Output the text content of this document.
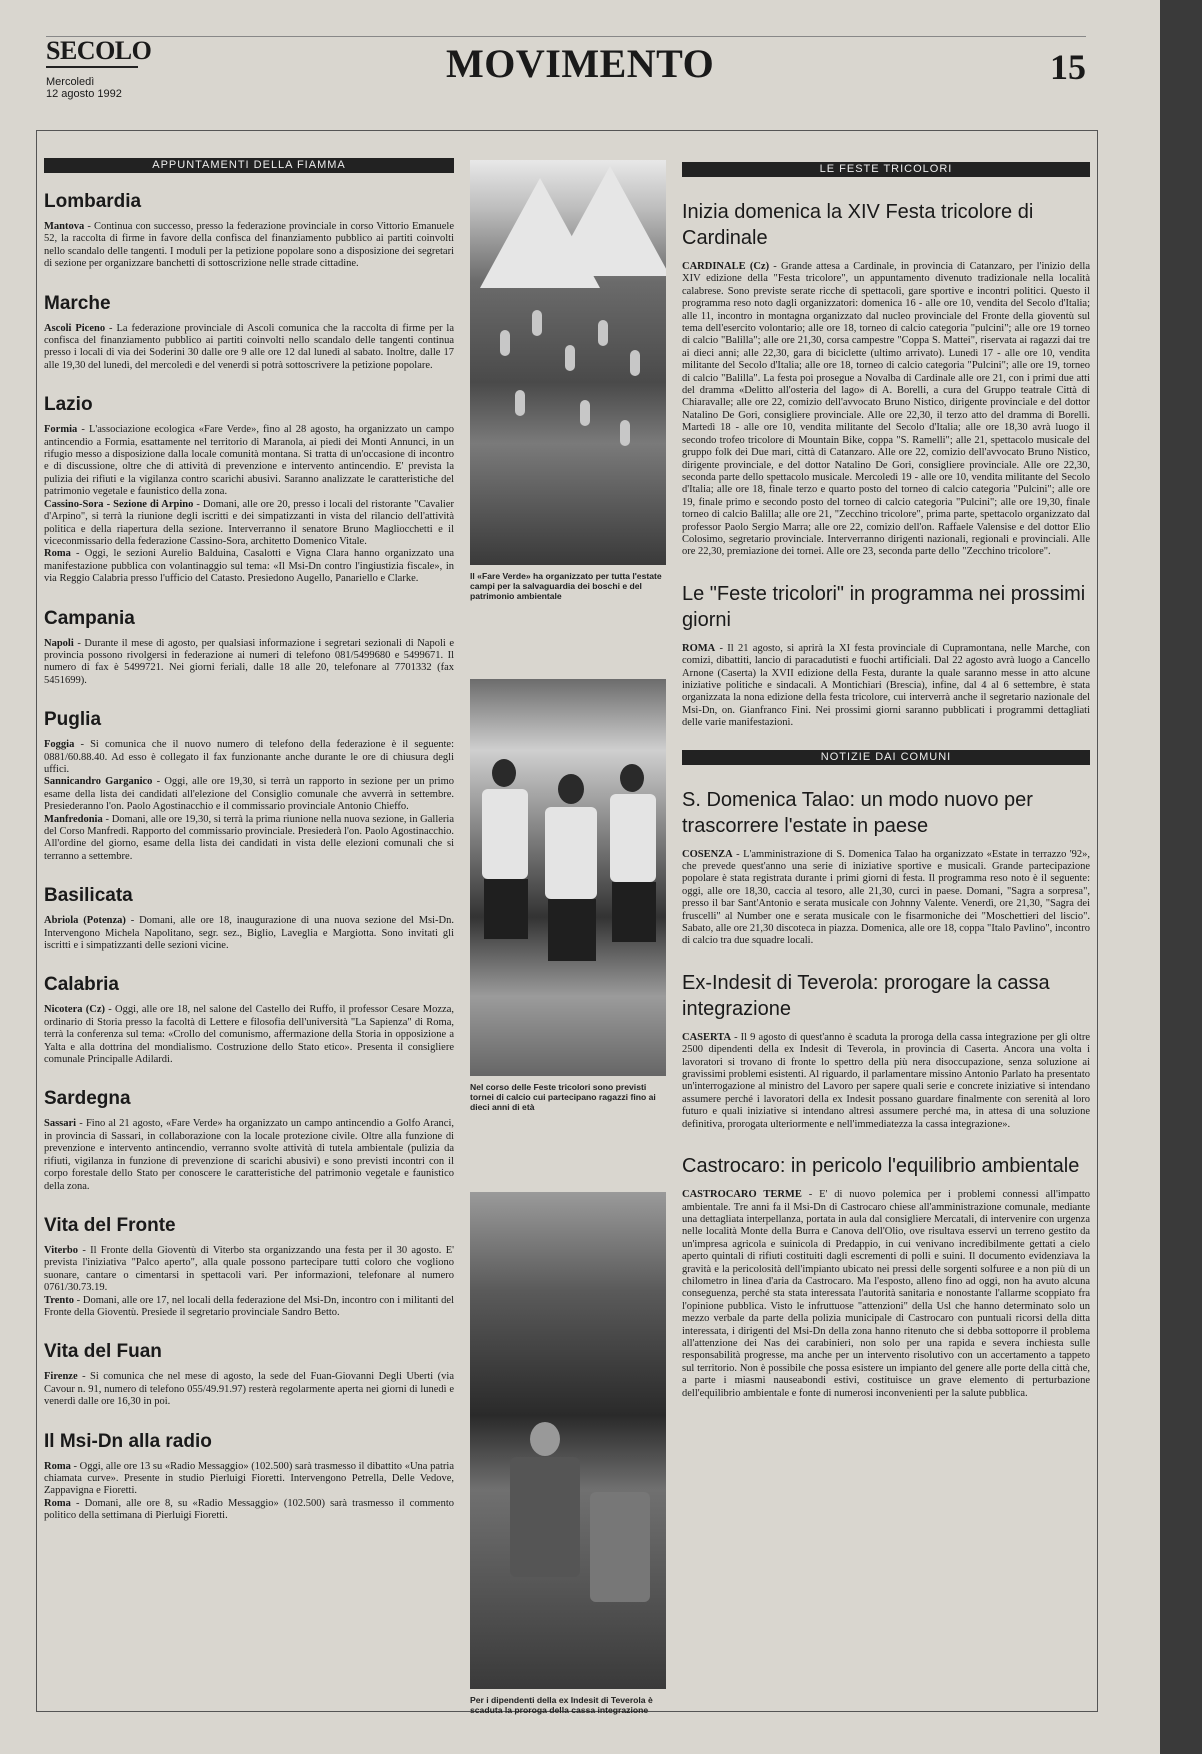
SECOLO
Mercoledì
12 agosto 1992
MOVIMENTO	15
APPUNTAMENTI DELLA FIAMMA
Lombardia

Mantova - Continua con successo, presso la federazione provinciale in corso Vittorio Emanuele 52, la raccolta di firme in favore della confisca del finanziamento pubblico ai partiti coinvolti nello scandalo delle tangenti. I moduli per la petizione popolare sono a disposizione dei segretari di sezione per organizzare banchetti di sottoscrizione nelle strade cittadine.

Marche

Ascoli Piceno - La federazione provinciale di Ascoli comunica che la raccolta di firme per la confisca del finanziamento pubblico ai partiti coinvolti nello scandalo delle tangenti continua presso i locali di via dei Soderini 30 dalle ore 9 alle ore 12 dal lunedì al sabato. Inoltre, dalle 17 alle 19,30 del lunedì, del mercoledì e del venerdì si potrà sottoscrivere la petizione popolare.

Lazio

Formia - L'associazione ecologica «Fare Verde», fino al 28 agosto, ha organizzato un campo antincendio a Formia, esattamente nel territorio di Maranola, ai piedi dei Monti Annunci, in un rifugio messo a disposizione dalla locale comunità montana. Si tratta di un'occasione di incontro e di discussione, oltre che di attività di prevenzione e intervento antincendio. E' prevista la pulizia dei rifiuti e la vigilanza contro scarichi abusivi. Saranno analizzate le caratteristiche del patrimonio vegetale e faunistico della zona.
Cassino-Sora - Sezione di Arpino - Domani, alle ore 20, presso i locali del ristorante "Cavalier d'Arpino", si terrà la riunione degli iscritti e dei simpatizzanti in vista del rilancio dell'attività politica e della riapertura della sezione. Interverranno il senatore Bruno Magliocchetti e il viceconmissario della federazione Cassino-Sora, architetto Domenico Vitale.
Roma - Oggi, le sezioni Aurelio Balduina, Casalotti e Vigna Clara hanno organizzato una manifestazione pubblica con volantinaggio sul tema: «Il Msi-Dn contro l'ingiustizia fiscale», in via Reggio Calabria presso l'ufficio del Catasto. Presiedono Augello, Panariello e Clarke.

Campania

Napoli - Durante il mese di agosto, per qualsiasi informazione i segretari sezionali di Napoli e provincia possono rivolgersi in federazione ai numeri di telefono 081/5499680 e 5499671. Il numero di fax è 5499721. Nei giorni feriali, dalle 18 alle 20, telefonare al 7701332 (fax 5451699).

Puglia

Foggia - Si comunica che il nuovo numero di telefono della federazione è il seguente: 0881/60.88.40. Ad esso è collegato il fax funzionante anche durante le ore di chiusura degli uffici.
Sannicandro Garganico - Oggi, alle ore 19,30, si terrà un rapporto in sezione per un primo esame della lista dei candidati all'elezione del Consiglio comunale che avverrà in settembre. Presiederanno l'on. Paolo Agostinacchio e il commissario provinciale Antonio Chieffo.
Manfredonia - Domani, alle ore 19,30, si terrà la prima riunione nella nuova sezione, in Galleria del Corso Manfredi. Rapporto del commissario provinciale. Presiederà l'on. Paolo Agostinacchio. All'ordine del giorno, esame della lista dei candidati in vista delle elezioni comunali che si terranno a settembre.

Basilicata

Abriola (Potenza) - Domani, alle ore 18, inaugurazione di una nuova sezione del Msi-Dn. Intervengono Michela Napolitano, segr. sez., Biglio, Laveglia e Margiotta. Sono invitati gli iscritti e i simpatizzanti delle sezioni vicine.

Calabria

Nicotera (Cz) - Oggi, alle ore 18, nel salone del Castello dei Ruffo, il professor Cesare Mozza, ordinario di Storia presso la facoltà di Lettere e filosofia dell'università "La Sapienza" di Roma, terrà la conferenza sul tema: «Crollo del comunismo, affermazione della Storia in opposizione a Yalta e alla dottrina del mondialismo. Costruzione dello Stato etico». Presenta il consigliere comunale Principalle Adilardi.

Sardegna

Sassari - Fino al 21 agosto, «Fare Verde» ha organizzato un campo antincendio a Golfo Aranci, in provincia di Sassari, in collaborazione con la locale protezione civile. Oltre alla funzione di prevenzione e intervento antincendio, verranno svolte attività di tutela ambientale (pulizia da rifiuti, vigilanza in funzione di prevenzione di scarichi abusivi) e sono previsti incontri con il corpo forestale dello Stato per conoscere le caratteristiche del patrimonio vegetale e faunistico della zona.

Vita del Fronte

Viterbo - Il Fronte della Gioventù di Viterbo sta organizzando una festa per il 30 agosto. E' prevista l'iniziativa "Palco aperto", alla quale possono partecipare tutti coloro che vogliono suonare, cantare o cimentarsi in spettacoli vari. Per informazioni, telefonare al numero 0761/30.73.19.
Trento - Domani, alle ore 17, nel locali della federazione del Msi-Dn, incontro con i militanti del Fronte della Gioventù. Presiede il segretario provinciale Sandro Betto.

Vita del Fuan

Firenze - Si comunica che nel mese di agosto, la sede del Fuan-Giovanni Degli Uberti (via Cavour n. 91, numero di telefono 055/49.91.97) resterà regolarmente aperta nei giorni di lunedì e venerdì dalle ore 16,30 in poi.

Il Msi-Dn alla radio

Roma - Oggi, alle ore 13 su «Radio Messaggio» (102.500) sarà trasmesso il dibattito «Una patria chiamata curve». Presente in studio Pierluigi Fioretti. Intervengono Petrella, Delle Vedove, Zappavigna e Fioretti.
Roma - Domani, alle ore 8, su «Radio Messaggio» (102.500) sarà trasmesso il commento politico della settimana di Pierluigi Fioretti.

Il «Fare Verde» ha organizzato per tutta l'estate campi per la salvaguardia dei boschi e del patrimonio ambientale
Nel corso delle Feste tricolori sono previsti tornei di calcio cui partecipano ragazzi fino ai dieci anni di età
Per i dipendenti della ex Indesit di Teverola è scaduta la proroga della cassa integrazione
LE FESTE TRICOLORI
Inizia domenica la XIV Festa tricolore di Cardinale

CARDINALE (Cz) - Grande attesa a Cardinale, in provincia di Catanzaro, per l'inizio della XIV edizione della "Festa tricolore", un appuntamento divenuto tradizionale nella località calabrese. Sono previste serate ricche di spettacoli, gare sportive e incontri politici. Questo il programma reso noto dagli organizzatori: domenica 16 - alle ore 10, vendita del Secolo d'Italia; alle 11, incontro in montagna organizzato dal nucleo provinciale del Fronte della gioventù sul tema dell'esercito volontario; alle ore 18, torneo di calcio categoria "pulcini"; alle ore 19 torneo di calcio "Balilla"; alle ore 21,30, corsa campestre "Coppa S. Mattei", riservata ai ragazzi dai tre ai dieci anni; alle 22,30, gara di biciclette (ultimo arrivato). Lunedì 17 - alle ore 10, vendita militante del Secolo d'Italia; alle ore 18, torneo di calcio categoria "Pulcini"; alle ore 19, torneo di calcio "Balilla". La festa poi prosegue a Novalba di Cardinale alle ore 21, con i primi due atti del dramma «Delitto all'osteria del lago» di A. Borelli, a cura del Gruppo teatrale Città di Chiaravalle; alle ore 22, comizio dell'avvocato Bruno Nistico, dirigente provinciale e del dottor Natalino De Gori, consigliere provinciale. Alle ore 22,30, il terzo atto del dramma di Borelli. Martedì 18 - alle ore 10, vendita militante del Secolo d'Italia; alle ore 18,30 avrà luogo il secondo trofeo tricolore di Mountain Bike, coppa "S. Ramelli"; alle 21, spettacolo musicale del gruppo folk dei Due mari, città di Catanzaro. Alle ore 22, comizio dell'avvocato Bruno Nistico, dirigente provinciale, e del dottor Natalino De Gori, consigliere provinciale. Alle ore 22,30, seconda parte dello spettacolo musicale. Mercoledì 19 - alle ore 10, vendita militante del Secolo d'Italia; alle ore 18, finale terzo e quarto posto del torneo di calcio categoria "Pulcini"; alle ore 19, finale primo e secondo posto del torneo di calcio categoria "Pulcini"; alle ore 19,30, finale torneo di calcio Balilla; alle ore 21, "Zecchino tricolore", prima parte, spettacolo organizzato dal professor Paolo Sergio Marra; alle ore 22, comizio dell'on. Raffaele Valensise e del dottor Elio Colosimo, segretario provinciale. Interverranno dirigenti nazionali, regionali e provinciali. Alle ore 22,30, premiazione dei tornei. Alle ore 23, seconda parte dello "Zecchino tricolore".

Le "Feste tricolori" in programma nei prossimi giorni

ROMA - Il 21 agosto, si aprirà la XI festa provinciale di Cupramontana, nelle Marche, con comizi, dibattiti, lancio di paracadutisti e fuochi artificiali. Dal 22 agosto avrà luogo a Cancello Arnone (Caserta) la XVII edizione della Festa, durante la quale saranno messe in atto alcune iniziative politiche e sindacali. A Montichiari (Brescia), infine, dal 4 al 6 settembre, è stata organizzata la nona edizione della festa tricolore, cui interverrà anche il segretario nazionale del Msi-Dn, on. Gianfranco Fini. Nei prossimi giorni saranno pubblicati i programmi dettagliati delle varie manifestazioni.

NOTIZIE DAI COMUNI
S. Domenica Talao: un modo nuovo per trascorrere l'estate in paese

COSENZA - L'amministrazione di S. Domenica Talao ha organizzato «Estate in terrazzo '92», che prevede quest'anno una serie di iniziative sportive e musicali. Grande partecipazione popolare è stata registrata durante i primi giorni di festa. Il programma reso noto è il seguente: oggi, alle ore 18,30, caccia al tesoro, alle 21,30, curci in paese. Domani, "Sagra a sorpresa", presso il bar Sant'Antonio e serata musicale con Johnny Valente. Venerdì, ore 21,30, "Sagra dei fruscelli" al Number one e serata musicale con le fisarmoniche dei "Moschettieri del liscio". Sabato, alle ore 21,30 discoteca in piazza. Domenica, alle ore 18, coppa "Italo Pavlino", incontro di calcio tra due squadre locali.

Ex-Indesit di Teverola: prorogare la cassa integrazione

CASERTA - Il 9 agosto di quest'anno è scaduta la proroga della cassa integrazione per gli oltre 2500 dipendenti della ex Indesit di Teverola, in provincia di Caserta. Ancora una volta i lavoratori si trovano di fronte lo spettro della più nera disoccupazione, senza soluzione ai gravissimi problemi esistenti. Al riguardo, il parlamentare missino Antonio Parlato ha presentato un'interrogazione al ministro del Lavoro per sapere quali serie e concrete iniziative si intendano assumere perché i lavoratori della ex Indesit possano guardare finalmente con serenità al loro futuro e quali iniziative si intendano altresì assumere perché ma, in attesa di una soluzione definitiva, prorogata ulteriormente e nell'immediatezza la cassa integrazione».

Castrocaro: in pericolo l'equilibrio ambientale

CASTROCARO TERME - E' di nuovo polemica per i problemi connessi all'impatto ambientale. Tre anni fa il Msi-Dn di Castrocaro chiese all'amministrazione comunale, mediante una dettagliata interpellanza, portata in aula dal consigliere Mercatali, di intervenire con urgenza nelle località Monte della Burra e Canova dell'Olio, ove risultava esservi un terreno gestito da un'impresa agricola e suinicola di Predappio, in cui venivano incredibilmente gettati a cielo aperto quintali di rifiuti costituiti dagli escrementi di polli e suini. Il documento evidenziava la gravità e la pericolosità dell'impianto ubicato nei pressi delle sorgenti solfuree e a non più di un chilometro in linea d'aria da Castrocaro. Ma l'esposto, alleno fino ad oggi, non ha avuto alcuna conseguenza, perché sta stata interessata l'autorità sanitaria e nonostante l'allarme scoppiato fra l'opinione pubblica. Visto le infruttuose "attenzioni" della Usl che hanno determinato solo un mezzo verbale da parte della polizia municipale di Castrocaro con puntuali ricorsi della ditta interessata, i dirigenti del Msi-Dn della zona hanno ritenuto che si debba sottoporre il problema all'attenzione dei Nas dei carabinieri, non solo per una rapida e severa inchiesta sulle responsabilità progresse, ma anche per un intervento risolutivo con un accertamento a tappeto sul territorio. Non è possibile che possa esistere un impianto del genere alle porte della città che, a parte i miasmi nauseabondi estivi, costituisce un grave elemento di perturbazione dell'equilibrio ambientale e fonte di numerosi inconvenienti per la salute pubblica.
